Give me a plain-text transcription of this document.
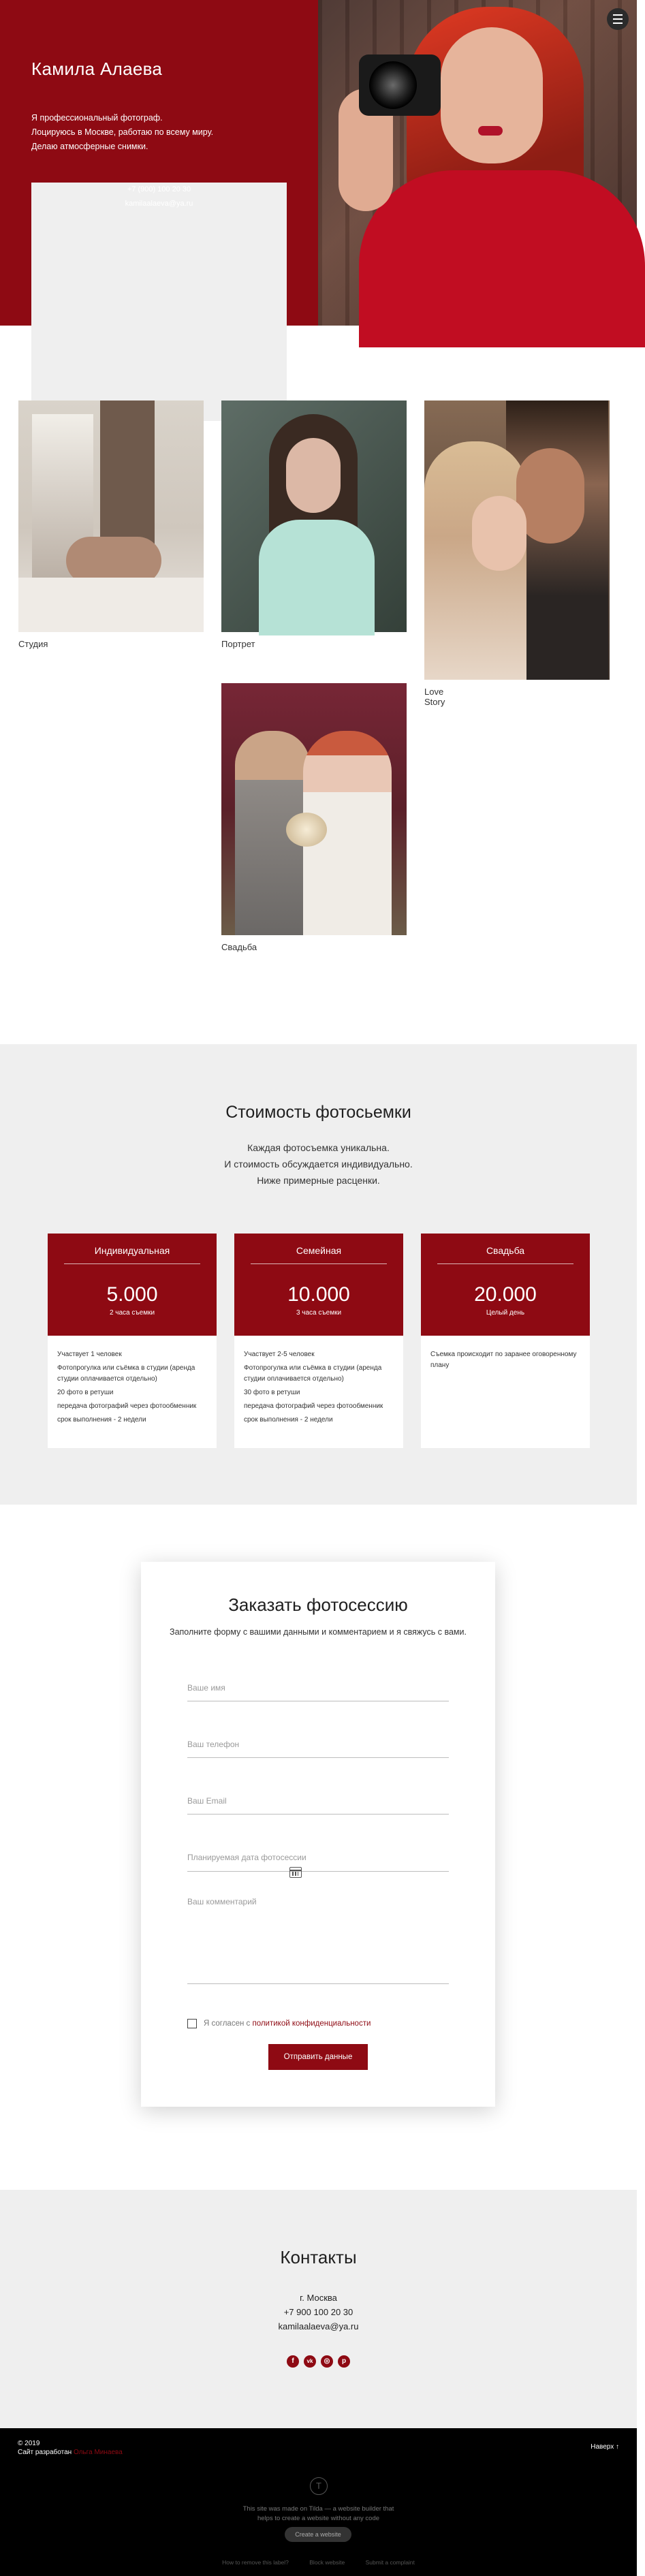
Камила Алаева

Я профессиональный фотограф.

Лоцируюсь в Москве, работаю по всему миру.

Делаю атмосферные снимки.

+7 (900) 100 20 30

kamilaalaeva@ya.ru

Студия	Портрет
Love Story
Свадьба
Стоимость фотосьемки

Каждая фотосъемка уникальна.

И стоимость обсуждается индивидуально.

Ниже примерные расценки.

Индивидуальная
5.000
2 часа съемки
Участвует 1 человек
Фотопрогулка или съёмка в студии (аренда студии оплачивается отдельно)
20 фото в ретуши
передача фотографий через фотообменник
срок выполнения - 2 недели
Семейная
10.000
3 часа съемки
Участвует 2-5 человек
Фотопрогулка или съёмка в студии (аренда студии оплачивается отдельно)
30 фото в ретуши
передача фотографий через фотообменник
срок выполнения - 2 недели
Свадьба
20.000
Целый день
Съемка происходит по заранее оговоренному плану
Заказать фотосессию

Заполните форму с вашими данными и комментарием и я свяжусь с вами.

Ваше имя
Ваш телефон
Ваш Email
Планируемая дата фотосессии
Ваш комментарий
Я согласен с политикой конфиденциальности
Отправить данные
Контакты

г. Москва

+7 900 100 20 30

kamilaalaeva@ya.ru

f	vk	◎	p
© 2019
Сайт разработан Ольга Минаева
Наверх ↑
T
This site was made on Tilda — a website builder that
helps to create a website without any code
Create a website
How to remove this label?	Block website	Submit a complaint
